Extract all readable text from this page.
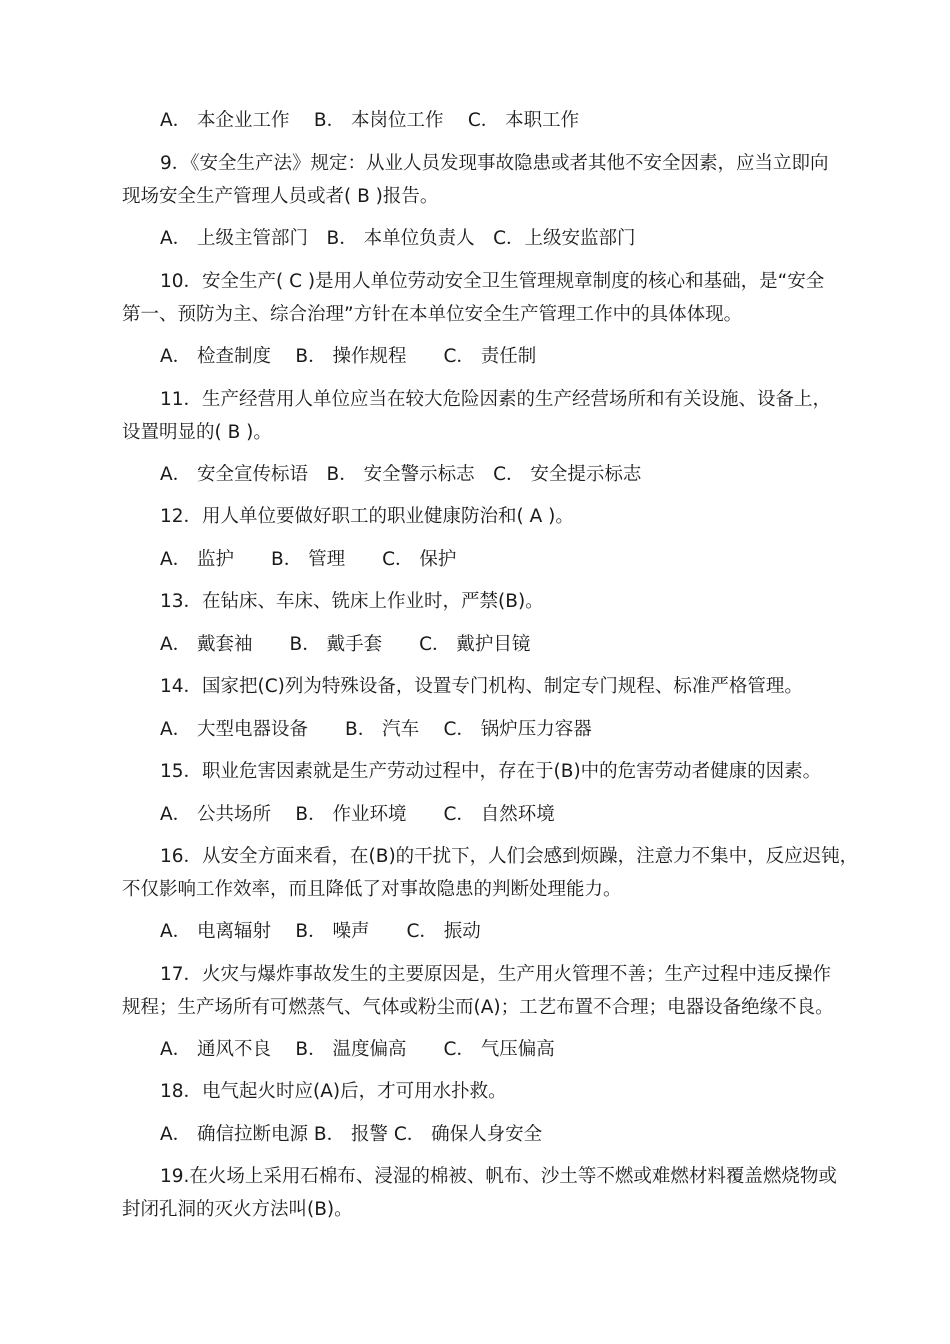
A． 本企业工作　 B． 本岗位工作　 C． 本职工作
9．《安全生产法》规定：从业人员发现事故隐患或者其他不安全因素，应当立即向
现场安全生产管理人员或者( B )报告。
A． 上级主管部门　B． 本单位负责人　C．上级安监部门
10．安全生产( C )是用人单位劳动安全卫生管理规章制度的核心和基础，是“安全
第一、预防为主、综合治理”方针在本单位安全生产管理工作中的具体体现。
A． 检查制度　 B． 操作规程　　C． 责任制
11．生产经营用人单位应当在较大危险因素的生产经营场所和有关设施、设备上，
设置明显的( B )。
A． 安全宣传标语　B． 安全警示标志　C． 安全提示标志
12．用人单位要做好职工的职业健康防治和( A )。
A． 监护　　B． 管理　　C． 保护
13．在钻床、车床、铣床上作业时，严禁(B)。
A． 戴套袖　　B． 戴手套　　C． 戴护目镜
14．国家把(C)列为特殊设备，设置专门机构、制定专门规程、标准严格管理。
A． 大型电器设备　　B． 汽车　 C． 锅炉压力容器
15．职业危害因素就是生产劳动过程中，存在于(B)中的危害劳动者健康的因素。
A． 公共场所　 B． 作业环境　　C． 自然环境
16．从安全方面来看，在(B)的干扰下，人们会感到烦躁，注意力不集中，反应迟钝，
不仅影响工作效率，而且降低了对事故隐患的判断处理能力。
A． 电离辐射　 B． 噪声　　C． 振动
17．火灾与爆炸事故发生的主要原因是，生产用火管理不善；生产过程中违反操作
规程；生产场所有可燃蒸气、气体或粉尘而(A)；工艺布置不合理；电器设备绝缘不良。
A． 通风不良　 B． 温度偏高　　C． 气压偏高
18．电气起火时应(A)后，才可用水扑救。
A． 确信拉断电源 B． 报警 C． 确保人身安全
19.在火场上采用石棉布、浸湿的棉被、帆布、沙土等不燃或难燃材料覆盖燃烧物或
封闭孔洞的灭火方法叫(B)。
